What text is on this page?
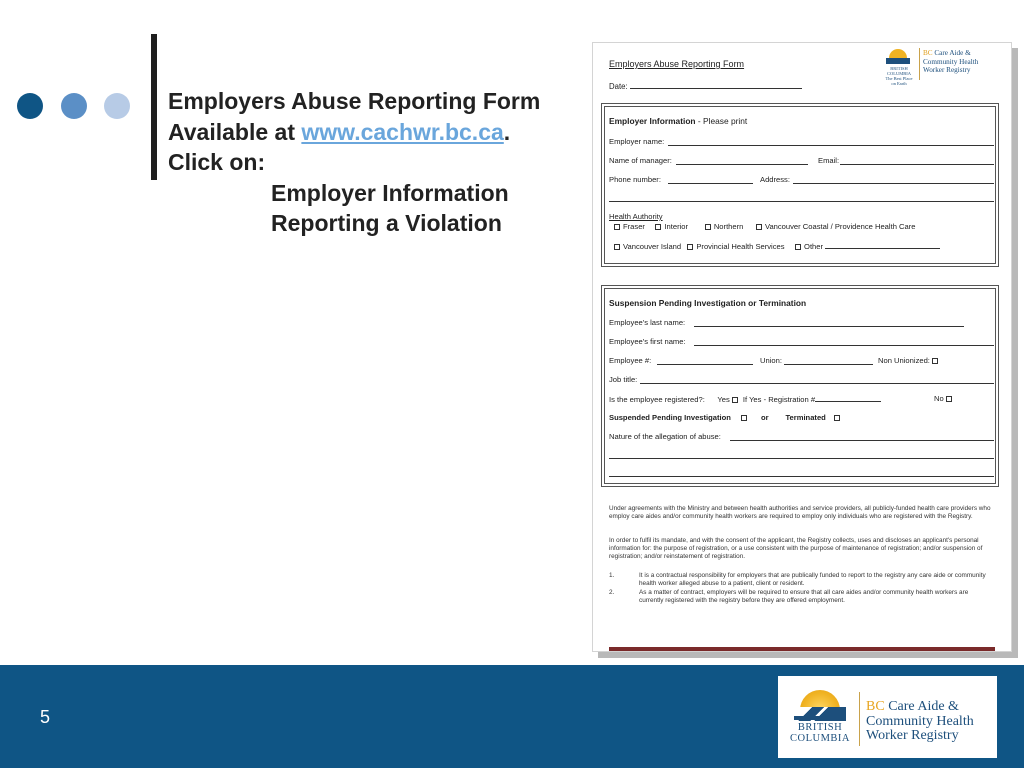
Employers Abuse Reporting Form
Available at www.cachwr.bc.ca.
Click on:
Employer Information
Reporting a Violation
Employers Abuse Reporting Form
Date:
BRITISH COLUMBIA
The Best Place on Earth
BC Care Aide &
Community Health
Worker Registry
Employer Information - Please print
Employer name:
Name of manager:	Email:
Phone number:	Address:
Health Authority
Fraser	Interior	Northern	Vancouver Coastal / Providence Health Care
Vancouver Island Provincial Health Services	Other
Suspension Pending Investigation or Termination
Employee's last name:
Employee's first name:
Employee #:	Union:	Non Unionized:
Job title:
Is the employee registered?: Yes If Yes - Registration #	No
Suspended Pending Investigation	or Terminated
Nature of the allegation of abuse:
Under agreements with the Ministry and between health authorities and service providers, all publicly-funded health care providers who employ care aides and/or community health workers are required to employ only individuals who are registered with the Registry.
In order to fulfil its mandate, and with the consent of the applicant, the Registry collects, uses and discloses an applicant's personal information for: the purpose of registration, or a use consistent with the purpose of maintenance of registration; and/or suspension of registration; and/or reinstatement of registration.
1.	It is a contractual responsibility for employers that are publically funded to report to the registry any care aide or community health worker alleged abuse to a patient, client or resident.
2.	As a matter of contract, employers will be required to ensure that all care aides and/or community health workers are currently registered with the registry before they are offered employment.
5
BRITISH
COLUMBIA
BC Care Aide &
Community Health
Worker Registry
